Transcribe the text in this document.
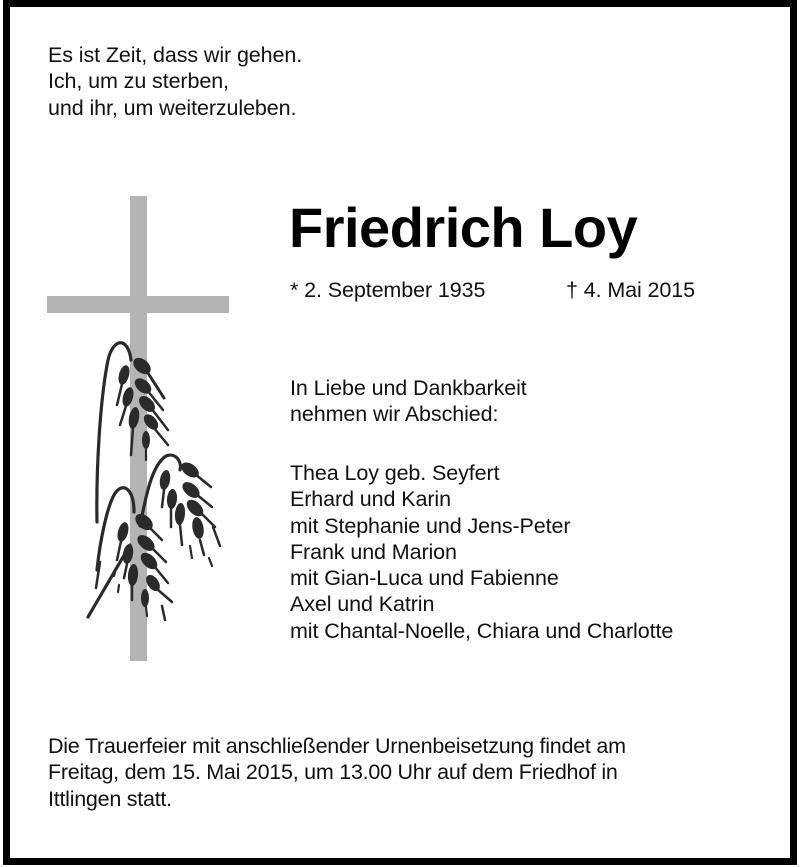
Es ist Zeit, dass wir gehen.
Ich, um zu sterben,
und ihr, um weiterzuleben.
Friedrich Loy
* 2. September 1935	† 4. Mai 2015
In Liebe und Dankbarkeit
nehmen wir Abschied:
Thea Loy geb. Seyfert
Erhard und Karin
mit Stephanie und Jens-Peter
Frank und Marion
mit Gian-Luca und Fabienne
Axel und Katrin
mit Chantal-Noelle, Chiara und Charlotte
Die Trauerfeier mit anschließender Urnenbeisetzung findet am
Freitag, dem 15. Mai 2015, um 13.00 Uhr auf dem Friedhof in
Ittlingen statt.
